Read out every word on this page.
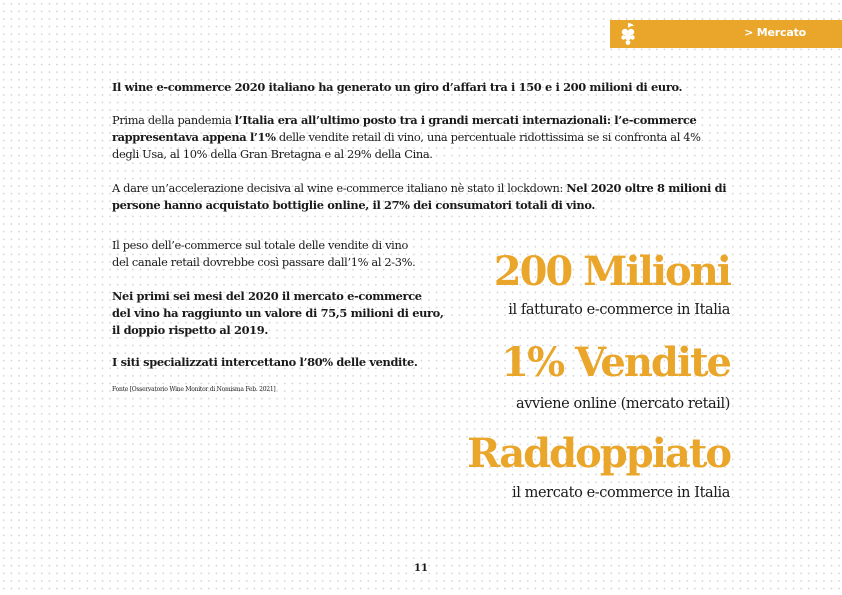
> Mercato

Il wine e-commerce 2020 italiano ha generato un giro d’affari tra i 150 e i 200 milioni di euro.

Prima della pandemia l’Italia era all’ultimo posto tra i grandi mercati internazionali: l’e-commerce
rappresentava appena l’1% delle vendite retail di vino, una percentuale ridottissima se si confronta al 4%
degli Usa, al 10% della Gran Bretagna e al 29% della Cina.

A dare un’accelerazione decisiva al wine e-commerce italiano nè stato il lockdown: Nel 2020 oltre 8 milioni di
persone hanno acquistato bottiglie online, il 27% dei consumatori totali di vino.

Il peso dell’e-commerce sul totale delle vendite di vino
del canale retail dovrebbe così passare dall’1% al 2-3%.

Nei primi sei mesi del 2020 il mercato e-commerce
del vino ha raggiunto un valore di 75,5 milioni di euro,
il doppio rispetto al 2019.

I siti specializzati intercettano l’80% delle vendite.

Fonte [Osservatorio Wine Monitor di Nomisma Feb. 2021]
200 Milioni
il fatturato e-commerce in Italia
1% Vendite
avviene online (mercato retail)
Raddoppiato
il mercato e-commerce in Italia
11
